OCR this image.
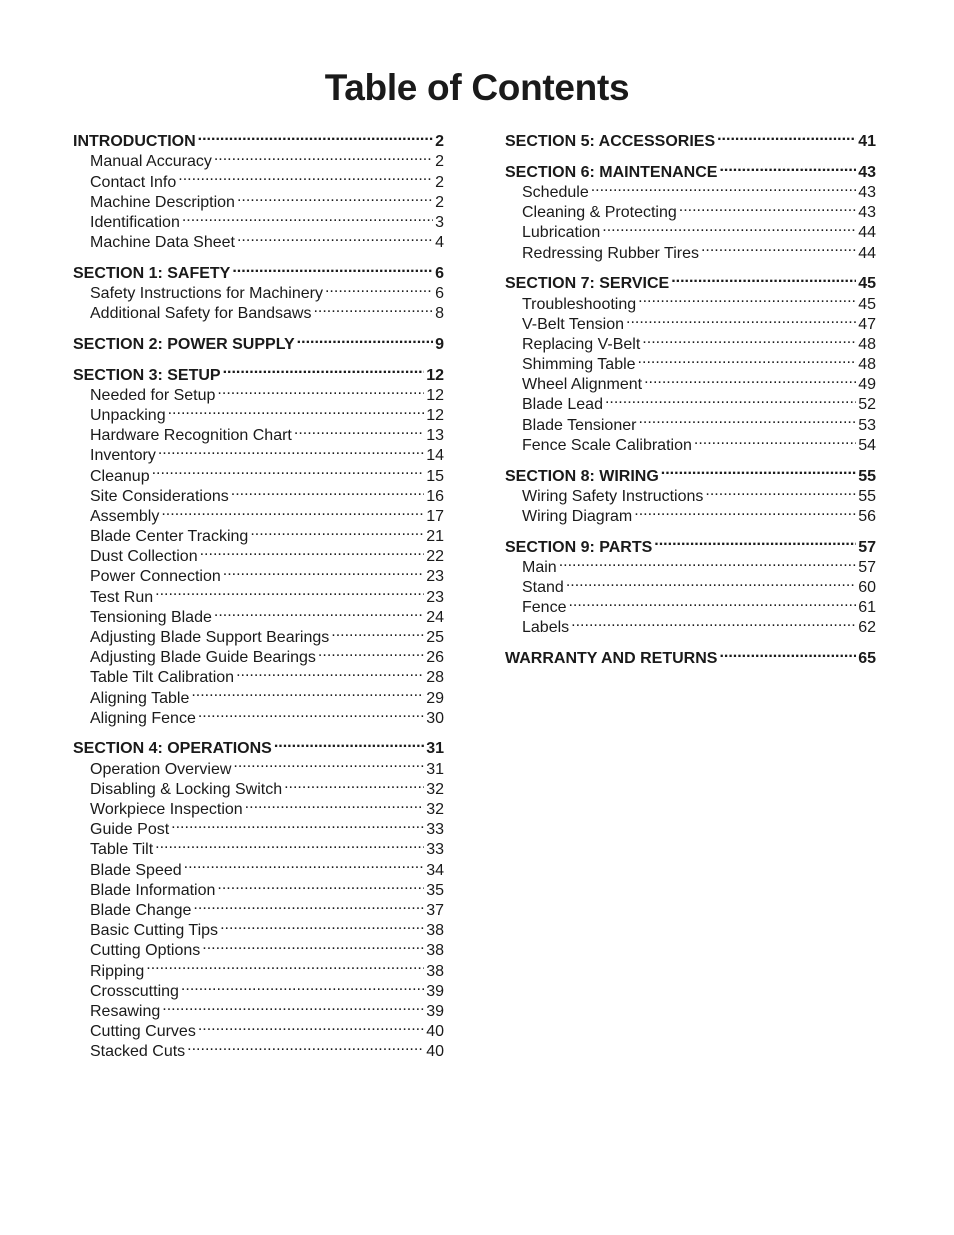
Table of Contents
INTRODUCTION .....	2
Manual Accuracy .....	2
Contact Info .....	2
Machine Description .....	2
Identification .....	3
Machine Data Sheet .....	4
SECTION 1: SAFETY .....	6
Safety Instructions for Machinery .....	6
Additional Safety for Bandsaws .....	8
SECTION 2: POWER SUPPLY .....	9
SECTION 3: SETUP .....	12
Needed for Setup .....	12
Unpacking .....	12
Hardware Recognition Chart .....	13
Inventory .....	14
Cleanup .....	15
Site Considerations .....	16
Assembly .....	17
Blade Center Tracking .....	21
Dust Collection .....	22
Power Connection .....	23
Test Run .....	23
Tensioning Blade .....	24
Adjusting Blade Support Bearings .....	25
Adjusting Blade Guide Bearings .....	26
Table Tilt Calibration .....	28
Aligning Table .....	29
Aligning Fence .....	30
SECTION 4: OPERATIONS .....	31
Operation Overview .....	31
Disabling & Locking Switch .....	32
Workpiece Inspection .....	32
Guide Post .....	33
Table Tilt .....	33
Blade Speed .....	34
Blade Information .....	35
Blade Change .....	37
Basic Cutting Tips .....	38
Cutting Options .....	38
Ripping .....	38
Crosscutting .....	39
Resawing .....	39
Cutting Curves .....	40
Stacked Cuts .....	40
SECTION 5: ACCESSORIES .....	41
SECTION 6: MAINTENANCE .....	43
Schedule .....	43
Cleaning & Protecting .....	43
Lubrication .....	44
Redressing Rubber Tires .....	44
SECTION 7: SERVICE .....	45
Troubleshooting .....	45
V-Belt Tension .....	47
Replacing V-Belt .....	48
Shimming Table .....	48
Wheel Alignment .....	49
Blade Lead .....	52
Blade Tensioner .....	53
Fence Scale Calibration .....	54
SECTION 8: WIRING .....	55
Wiring Safety Instructions .....	55
Wiring Diagram .....	56
SECTION 9: PARTS .....	57
Main .....	57
Stand .....	60
Fence .....	61
Labels .....	62
WARRANTY AND RETURNS .....	65
